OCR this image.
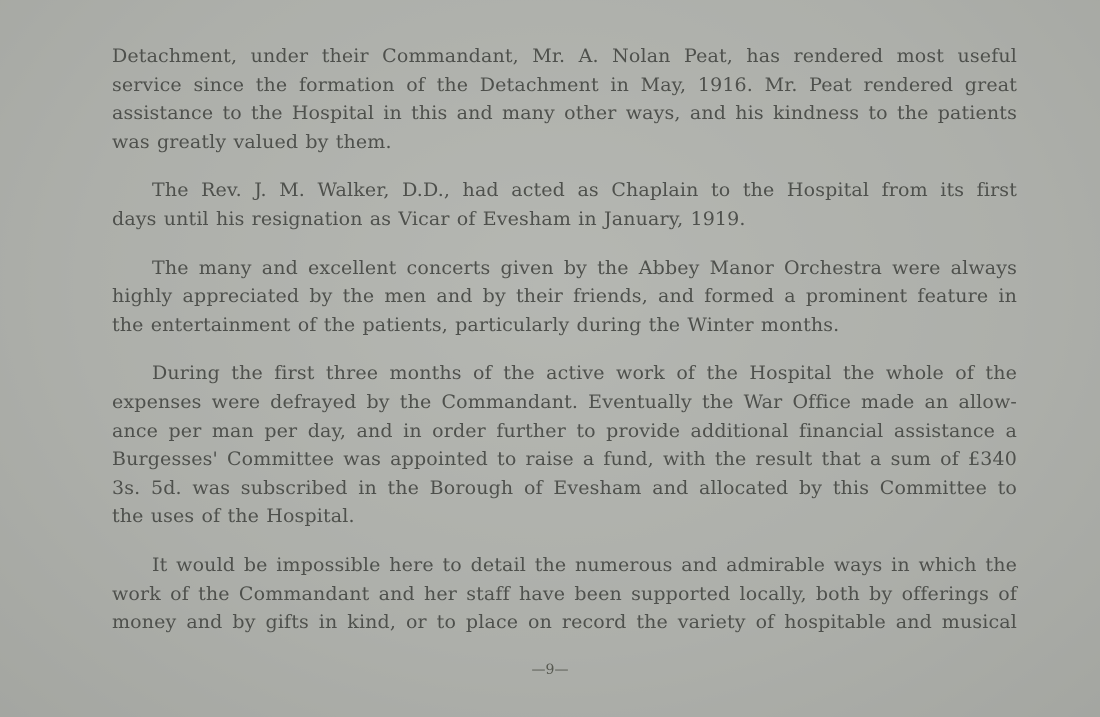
Detachment, under their Commandant, Mr. A. Nolan Peat, has rendered most useful
service since the formation of the Detachment in May, 1916. Mr. Peat rendered great
assistance to the Hospital in this and many other ways, and his kindness to the patients
was greatly valued by them.

The Rev. J. M. Walker, D.D., had acted as Chaplain to the Hospital from its first
days until his resignation as Vicar of Evesham in January, 1919.

The many and excellent concerts given by the Abbey Manor Orchestra were always
highly appreciated by the men and by their friends, and formed a prominent feature in
the entertainment of the patients, particularly during the Winter months.

During the first three months of the active work of the Hospital the whole of the
expenses were defrayed by the Commandant. Eventually the War Office made an allow-
ance per man per day, and in order further to provide additional financial assistance a
Burgesses' Committee was appointed to raise a fund, with the result that a sum of £340
3s. 5d. was subscribed in the Borough of Evesham and allocated by this Committee to
the uses of the Hospital.

It would be impossible here to detail the numerous and admirable ways in which the
work of the Commandant and her staff have been supported locally, both by offerings of
money and by gifts in kind, or to place on record the variety of hospitable and musical

—9—
